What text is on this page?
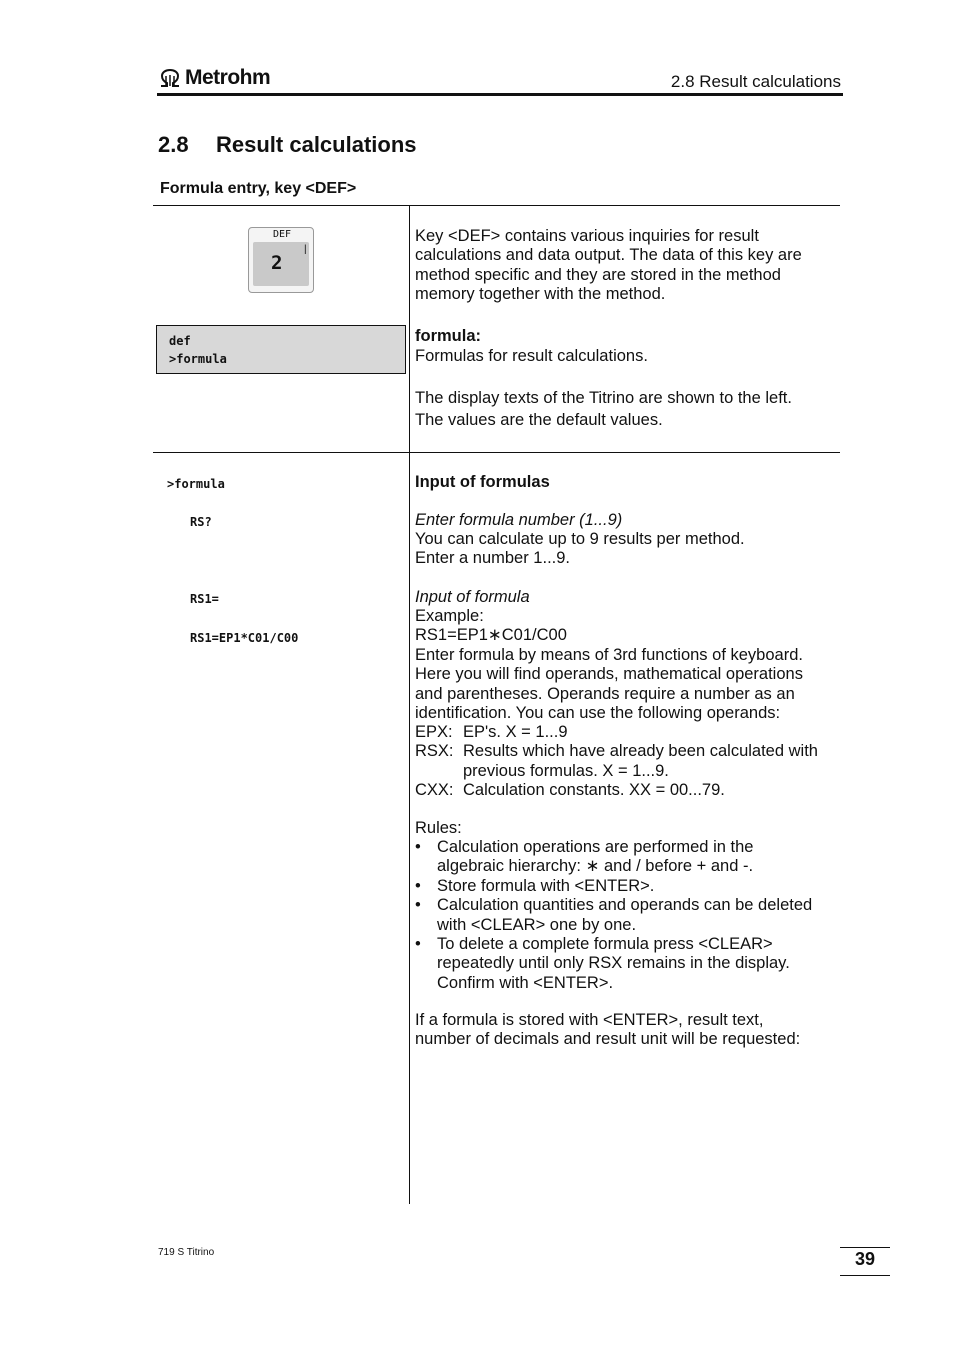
Metrohm	2.8 Result calculations
2.8 Result calculations
Formula entry, key <DEF>
DEF
2
|
def
>formula
Key <DEF> contains various inquiries for result
calculations and data output. The data of this key are
method specific and they are stored in the method
memory together with the method.
formula:
Formulas for result calculations.
The display texts of the Titrino are shown to the left.
The values are the default values.
>formula
RS?
RS1=
RS1=EP1*C01/C00
Input of formulas
Enter formula number (1...9)
You can calculate up to 9 results per method.
Enter a number 1...9.
Input of formula
Example:
RS1=EP1∗C01/C00
Enter formula by means of 3rd functions of keyboard.
Here you will find operands, mathematical operations
and parentheses. Operands require a number as an
identification. You can use the following operands:
EPX: EP's. X = 1...9
RSX: Results which have already been calculated with
previous formulas. X = 1...9.
CXX: Calculation constants. XX = 00...79.
Rules:
• Calculation operations are performed in the
algebraic hierarchy: ∗ and / before + and -.
• Store formula with <ENTER>.
• Calculation quantities and operands can be deleted
with <CLEAR> one by one.
• To delete a complete formula press <CLEAR>
repeatedly until only RSX remains in the display.
Confirm with <ENTER>.
If a formula is stored with <ENTER>, result text,
number of decimals and result unit will be requested:
719 S Titrino	39
